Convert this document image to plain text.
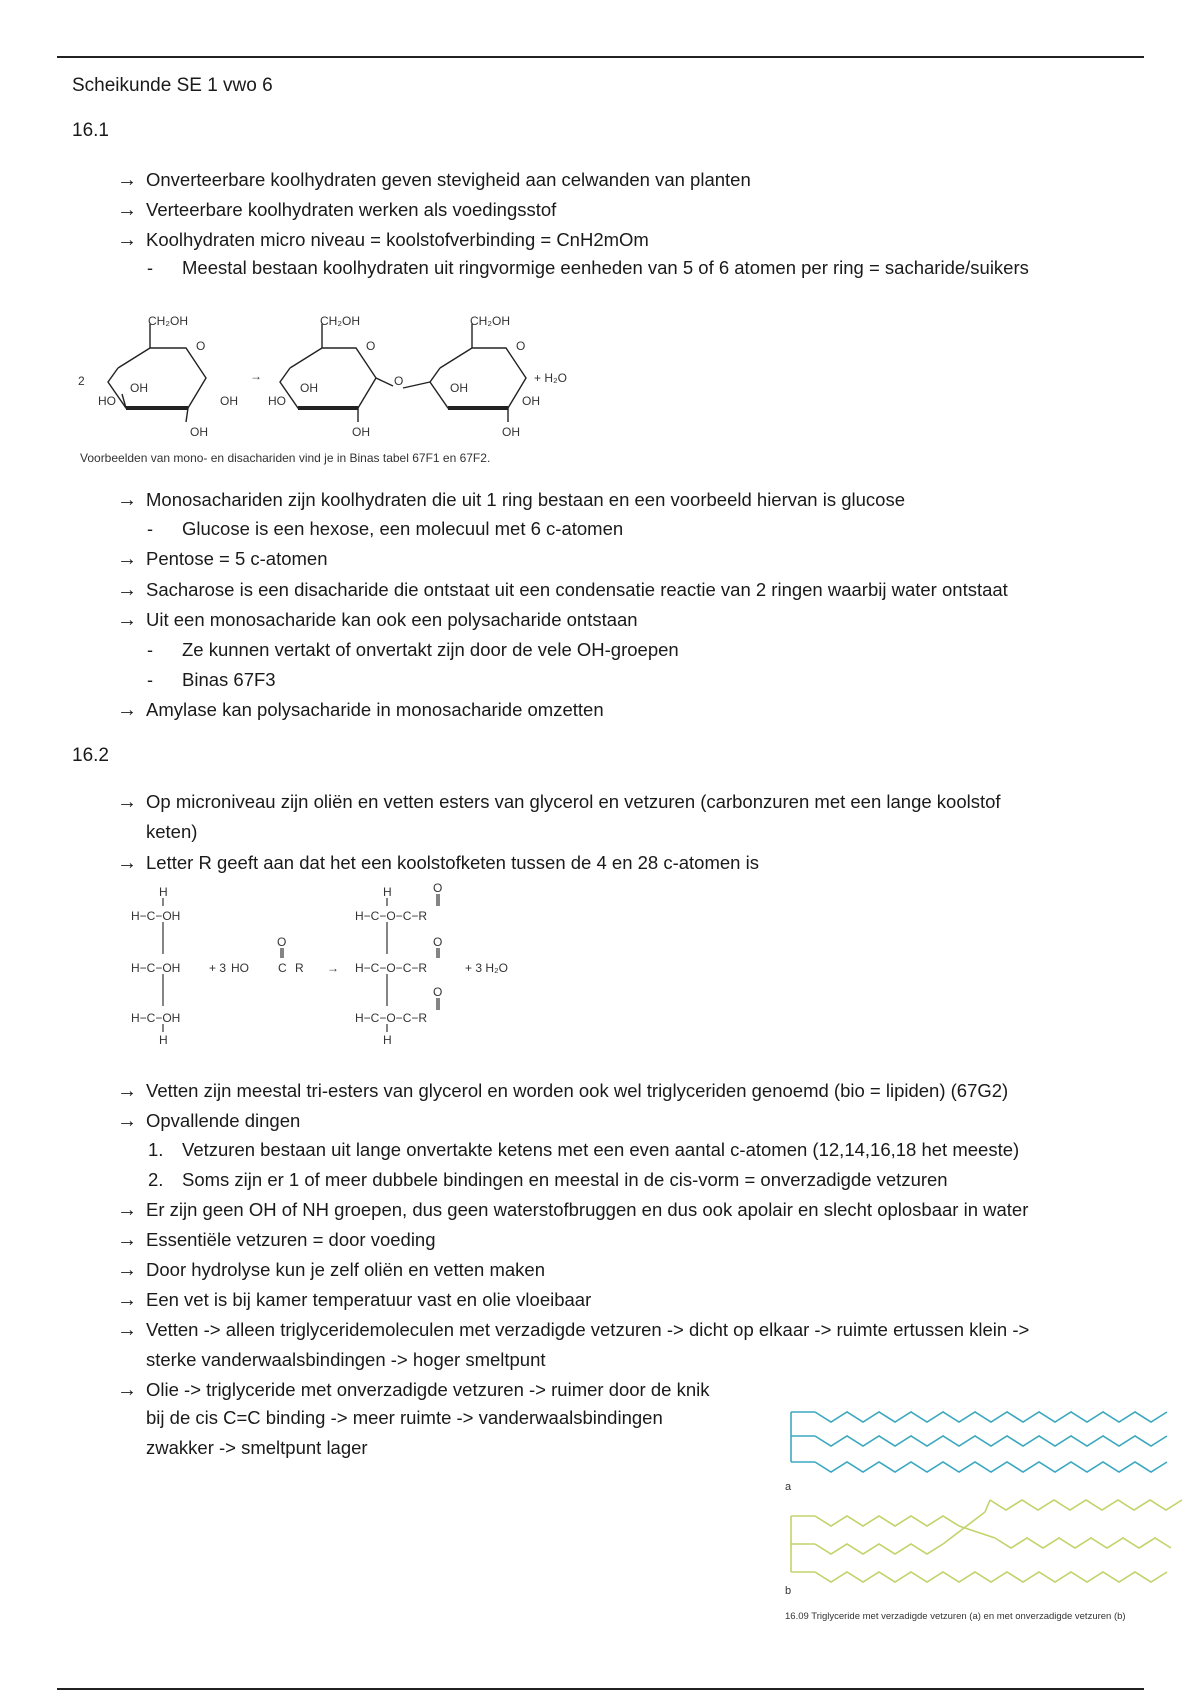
Scheikunde SE 1 vwo 6
16.1
→ Onverteerbare koolhydraten geven stevigheid aan celwanden van planten
→ Verteerbare koolhydraten werken als voedingsstof
→ Koolhydraten micro niveau = koolstofverbinding = CnH2mOm
- Meestal bestaan koolhydraten uit ringvormige eenheden van 5 of 6 atomen per ring = sacharide/suikers
CH₂OH
O
2	OH
HO	OH
OH
→
CH₂OH
O
OH
HO
O
OH
CH₂OH
O
OH
OH
OH
+ H₂O
Voorbeelden van mono- en disachariden vind je in Binas tabel 67F1 en 67F2.
→ Monosachariden zijn koolhydraten die uit 1 ring bestaan en een voorbeeld hiervan is glucose
- Glucose is een hexose, een molecuul met 6 c-atomen
→ Pentose = 5 c-atomen
→ Sacharose is een disacharide die ontstaat uit een condensatie reactie van 2 ringen waarbij water ontstaat
→ Uit een monosacharide kan ook een polysacharide ontstaan
- Ze kunnen vertakt of onvertakt zijn door de vele OH-groepen
- Binas 67F3
→ Amylase kan polysacharide in monosacharide omzetten
16.2
→ Op microniveau zijn oliën en vetten esters van glycerol en vetzuren (carbonzuren met een lange koolstof
keten)
→ Letter R geeft aan dat het een koolstofketen tussen de 4 en 28 c-atomen is
H
H−C−OH
H−C−OH + 3 HO
O
C R
H−C−OH
H
→
H	O
H−C−O−C−R
O
H−C−O−C−R	+ 3 H₂O
O
H−C−O−C−R
H
→ Vetten zijn meestal tri-esters van glycerol en worden ook wel triglyceriden genoemd (bio = lipiden) (67G2)
→ Opvallende dingen
1. Vetzuren bestaan uit lange onvertakte ketens met een even aantal c-atomen (12,14,16,18 het meeste)
2. Soms zijn er 1 of meer dubbele bindingen en meestal in de cis-vorm = onverzadigde vetzuren
→ Er zijn geen OH of NH groepen, dus geen waterstofbruggen en dus ook apolair en slecht oplosbaar in water
→ Essentiële vetzuren = door voeding
→ Door hydrolyse kun je zelf oliën en vetten maken
→ Een vet is bij kamer temperatuur vast en olie vloeibaar
→ Vetten -> alleen triglyceridemoleculen met verzadigde vetzuren -> dicht op elkaar -> ruimte ertussen klein ->
sterke vanderwaalsbindingen -> hoger smeltpunt
→ Olie -> triglyceride met onverzadigde vetzuren -> ruimer door de knik
bij de cis C=C binding -> meer ruimte -> vanderwaalsbindingen
zwakker -> smeltpunt lager
a
b
16.09 Triglyceride met verzadigde vetzuren (a) en met onverzadigde vetzuren (b)
